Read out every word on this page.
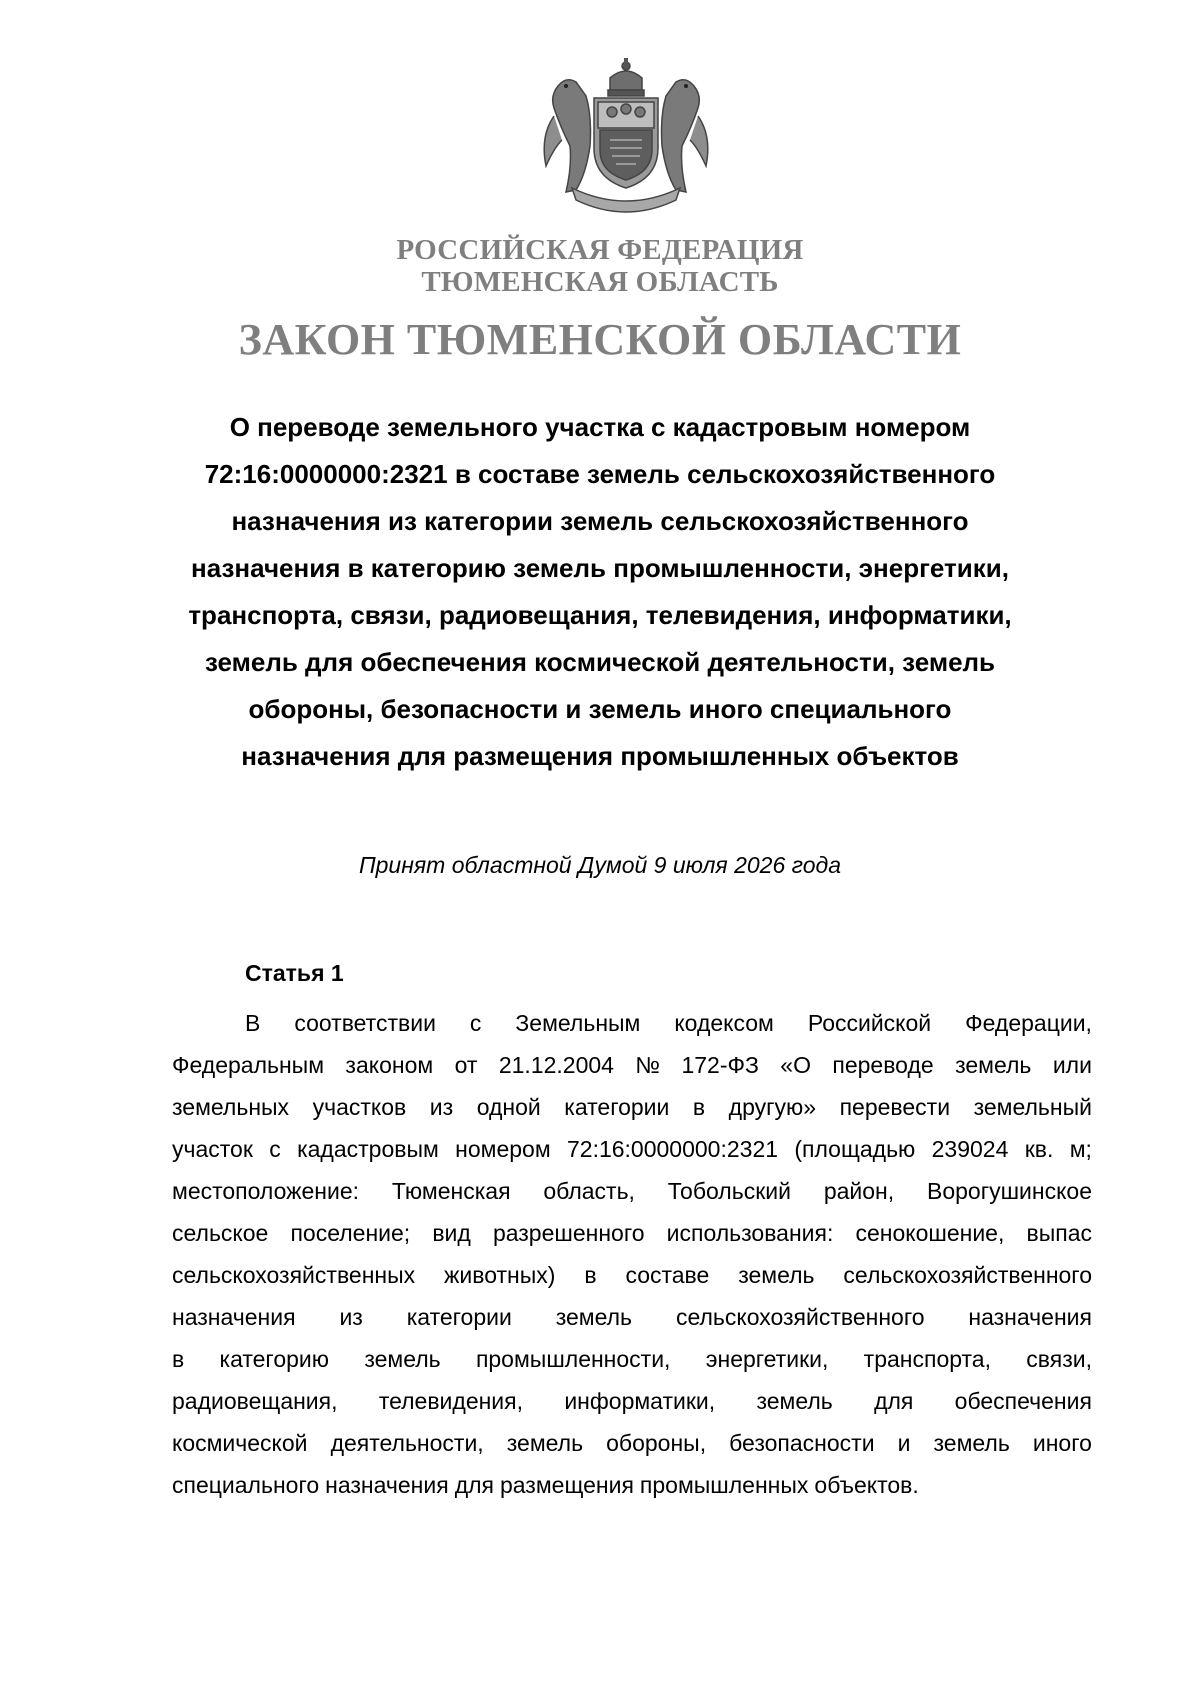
РОССИЙСКАЯ ФЕДЕРАЦИЯ
ТЮМЕНСКАЯ ОБЛАСТЬ
ЗАКОН ТЮМЕНСКОЙ ОБЛАСТИ
О переводе земельного участка с кадастровым номером
72:16:0000000:2321 в составе земель сельскохозяйственного
назначения из категории земель сельскохозяйственного
назначения в категорию земель промышленности, энергетики,
транспорта, связи, радиовещания, телевидения, информатики,
земель для обеспечения космической деятельности, земель
обороны, безопасности и земель иного специального
назначения для размещения промышленных объектов
Принят областной Думой 9 июля 2026 года
Статья 1
В соответствии с Земельным кодексом Российской Федерации,
Федеральным законом от 21.12.2004 № 172-ФЗ «О переводе земель или
земельных участков из одной категории в другую» перевести земельный
участок с кадастровым номером 72:16:0000000:2321 (площадью 239024 кв. м;
местоположение: Тюменская область, Тобольский район, Ворогушинское
сельское поселение; вид разрешенного использования: сенокошение, выпас
сельскохозяйственных животных) в составе земель сельскохозяйственного
назначения из категории земель сельскохозяйственного назначения
в категорию земель промышленности, энергетики, транспорта, связи,
радиовещания, телевидения, информатики, земель для обеспечения
космической деятельности, земель обороны, безопасности и земель иного
специального назначения для размещения промышленных объектов.
